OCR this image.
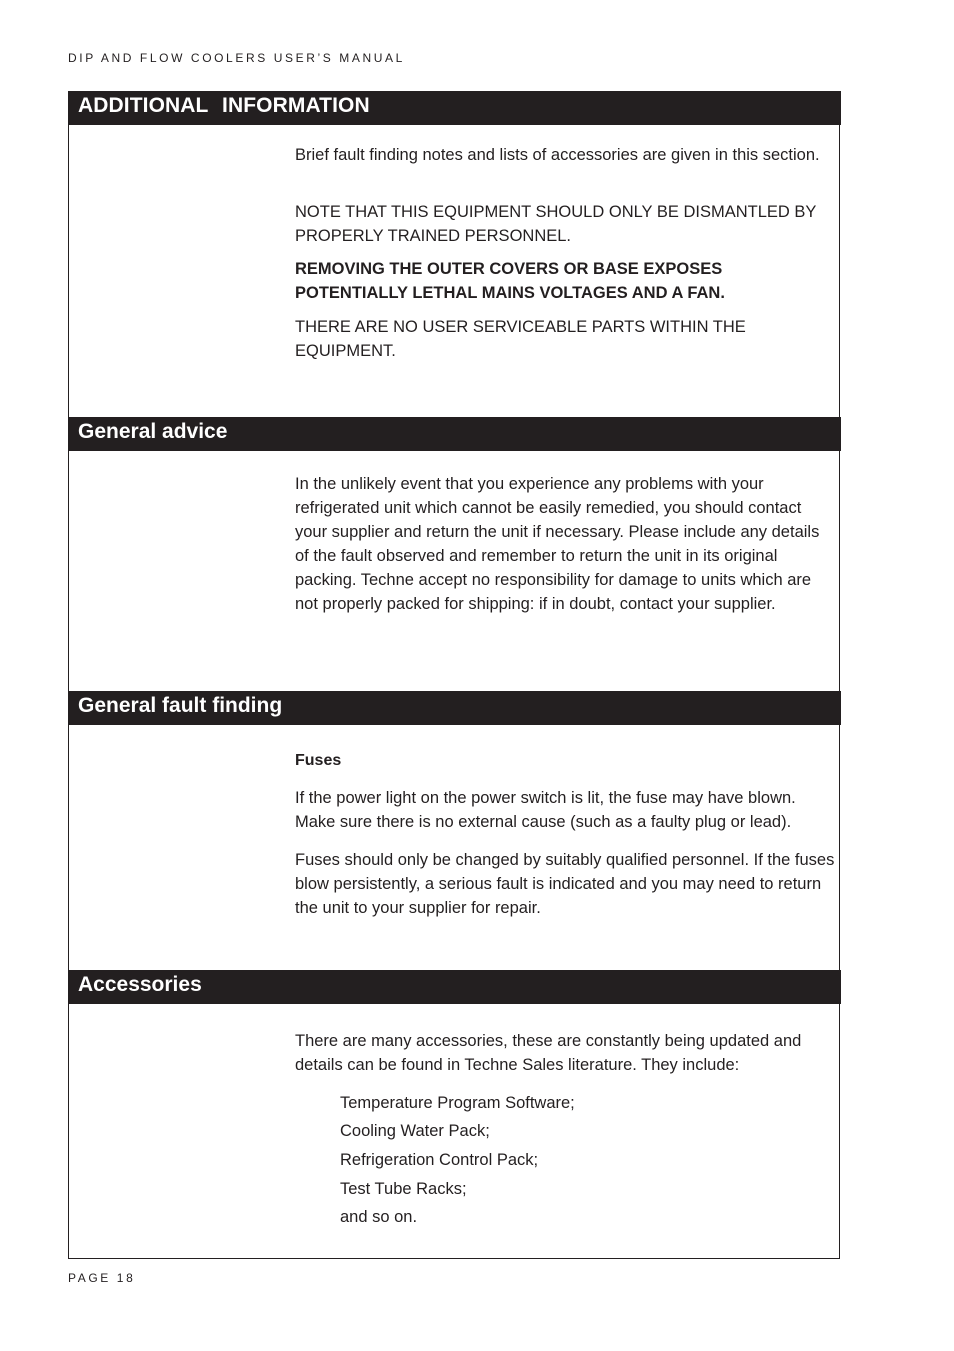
DIP AND FLOW COOLERS USER’S MANUAL
ADDITIONAL INFORMATION

Brief fault finding notes and lists of accessories are given in this section.

NOTE THAT THIS EQUIPMENT SHOULD ONLY BE DISMANTLED BY PROPERLY TRAINED PERSONNEL.

REMOVING THE OUTER COVERS OR BASE EXPOSES POTENTIALLY LETHAL MAINS VOLTAGES AND A FAN.

THERE ARE NO USER SERVICEABLE PARTS WITHIN THE EQUIPMENT.

General advice

In the unlikely event that you experience any problems with your refrigerated unit which cannot be easily remedied, you should contact your supplier and return the unit if necessary. Please include any details of the fault observed and remember to return the unit in its original packing. Techne accept no responsibility for damage to units which are not properly packed for shipping: if in doubt, contact your supplier.

General fault finding

Fuses

If the power light on the power switch is lit, the fuse may have blown. Make sure there is no external cause (such as a faulty plug or lead).

Fuses should only be changed by suitably qualified personnel. If the fuses blow persistently, a serious fault is indicated and you may need to return the unit to your supplier for repair.

Accessories

There are many accessories, these are constantly being updated and details can be found in Techne Sales literature. They include:

Temperature Program Software;

Cooling Water Pack;

Refrigeration Control Pack;

Test Tube Racks;

and so on.

PAGE 18
